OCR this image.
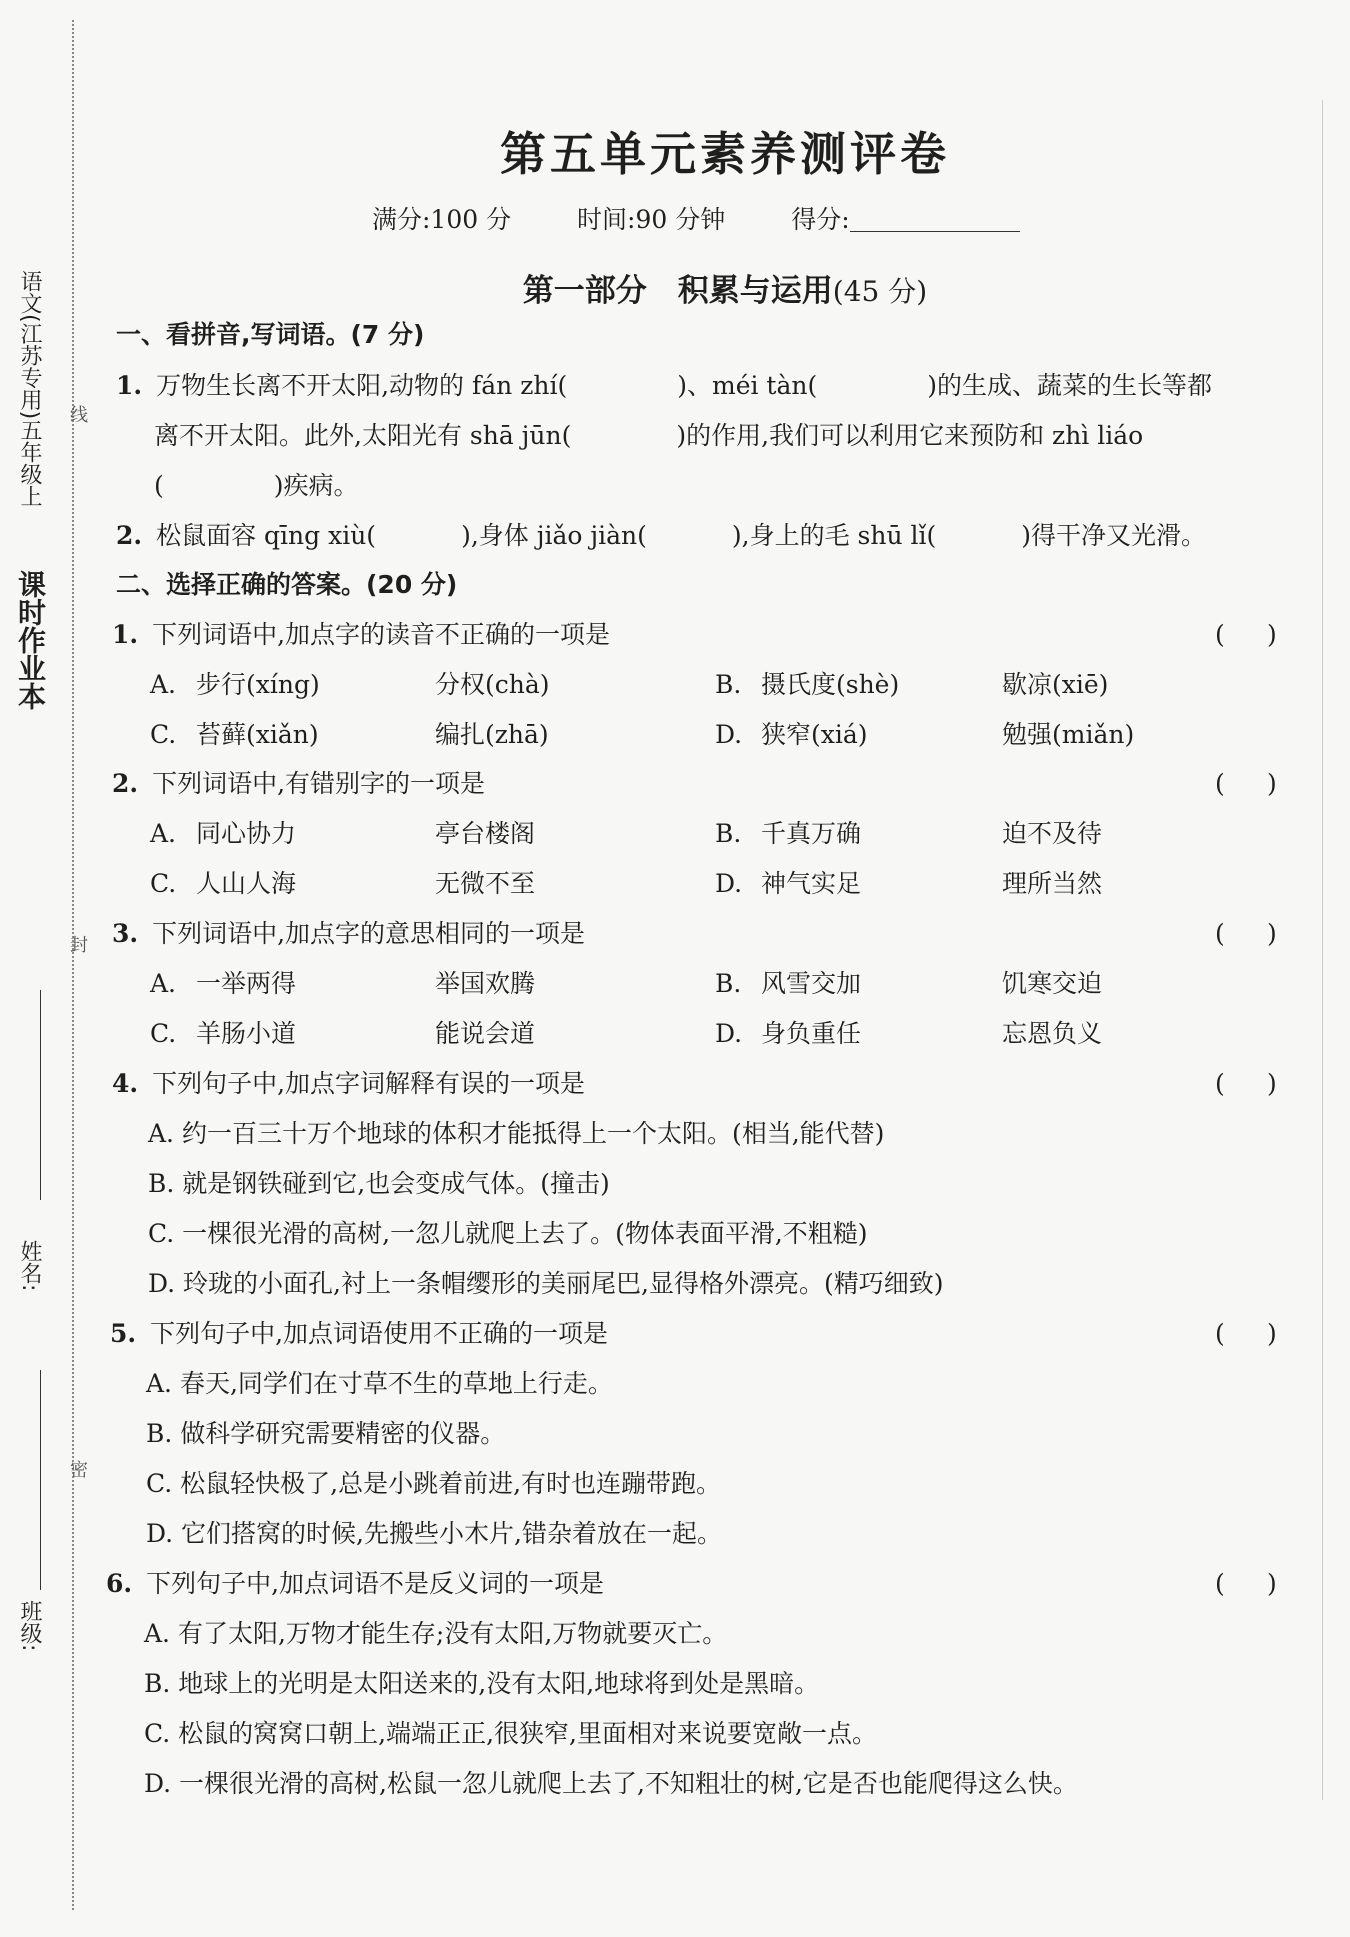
语文(江苏专用)五年级上
课时作业本
线
封
密
姓名:
班级:
第五单元素养测评卷
满分:100 分	时间:90 分钟	得分:
第一部分　积累与运用(45 分)
一、看拼音,写词语。(7 分)
1. 万物生长离不开太阳,动物的 fán zhí(	)、méi tàn(	)的生成、蔬菜的生长等都
离不开太阳。此外,太阳光有 shā jūn(	)的作用,我们可以利用它来预防和 zhì liáo
(	)疾病。
2. 松鼠面容 qīng xiù(	),身体 jiǎo jiàn(	),身上的毛 shū lǐ(	)得干净又光滑。
二、选择正确的答案。(20 分)
1. 下列词语中,加点字的读音不正确的一项是	( )
A. 步行(xíng)	分权(chà)	B. 摄氏度(shè)	歇凉(xiē)
C. 苔藓(xiǎn)	编扎(zhā)	D. 狭窄(xiá)	勉强(miǎn)
2. 下列词语中,有错别字的一项是	( )
A. 同心协力	亭台楼阁	B. 千真万确	迫不及待
C. 人山人海	无微不至	D. 神气实足	理所当然
3. 下列词语中,加点字的意思相同的一项是	( )
A. 一举两得	举国欢腾	B. 风雪交加	饥寒交迫
C. 羊肠小道	能说会道	D. 身负重任	忘恩负义
4. 下列句子中,加点字词解释有误的一项是	( )
A. 约一百三十万个地球的体积才能抵得上一个太阳。(相当,能代替)
B. 就是钢铁碰到它,也会变成气体。(撞击)
C. 一棵很光滑的高树,一忽儿就爬上去了。(物体表面平滑,不粗糙)
D. 玲珑的小面孔,衬上一条帽缨形的美丽尾巴,显得格外漂亮。(精巧细致)
5. 下列句子中,加点词语使用不正确的一项是	( )
A. 春天,同学们在寸草不生的草地上行走。
B. 做科学研究需要精密的仪器。
C. 松鼠轻快极了,总是小跳着前进,有时也连蹦带跑。
D. 它们搭窝的时候,先搬些小木片,错杂着放在一起。
6. 下列句子中,加点词语不是反义词的一项是	( )
A. 有了太阳,万物才能生存;没有太阳,万物就要灭亡。
B. 地球上的光明是太阳送来的,没有太阳,地球将到处是黑暗。
C. 松鼠的窝窝口朝上,端端正正,很狭窄,里面相对来说要宽敞一点。
D. 一棵很光滑的高树,松鼠一忽儿就爬上去了,不知粗壮的树,它是否也能爬得这么快。
